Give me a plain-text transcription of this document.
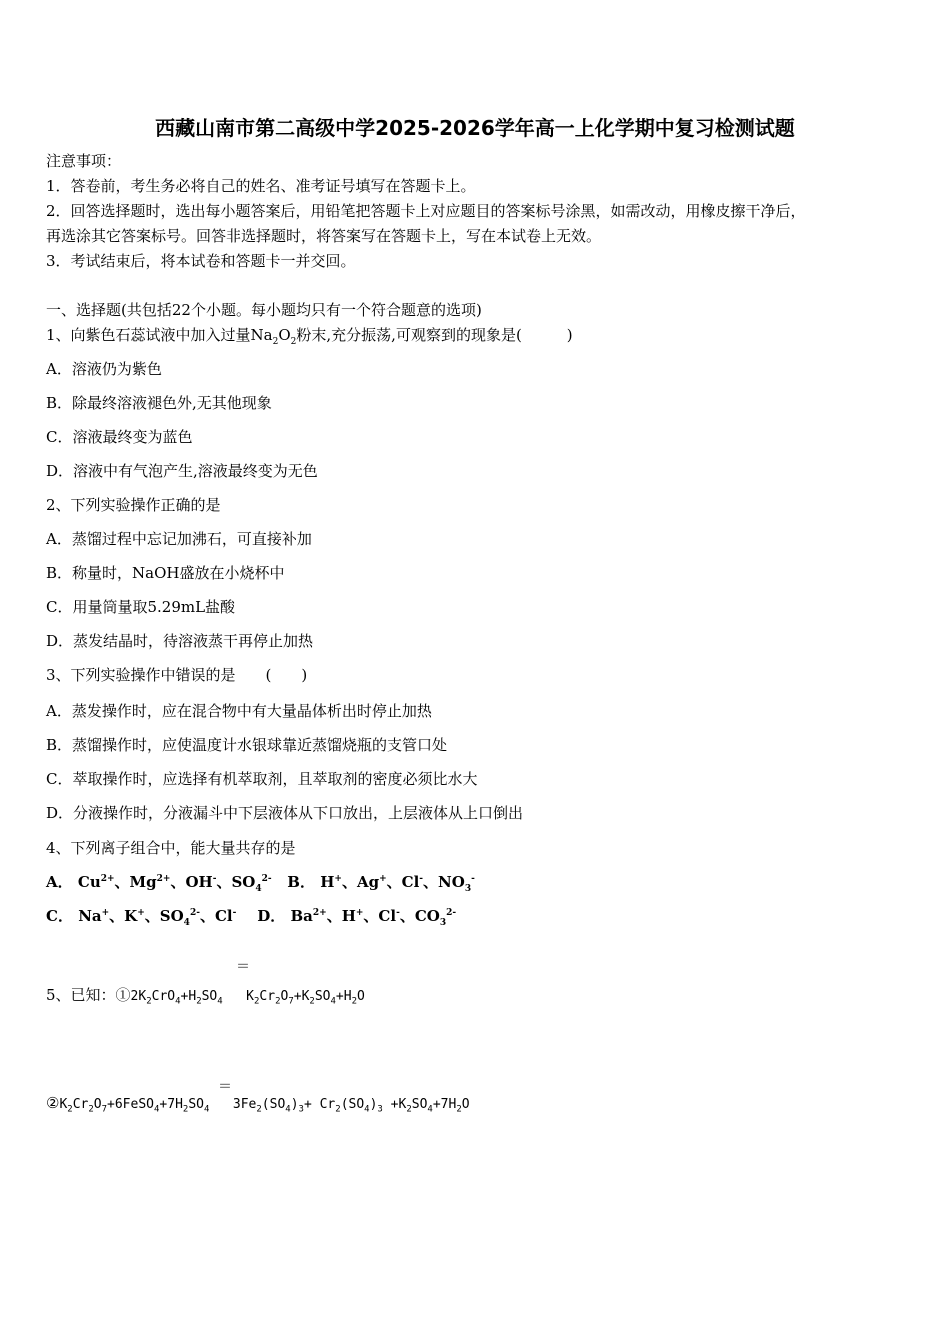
西藏山南市第二高级中学2025-2026学年高一上化学期中复习检测试题
注意事项：
1．答卷前，考生务必将自己的姓名、准考证号填写在答题卡上。
2．回答选择题时，选出每小题答案后，用铅笔把答题卡上对应题目的答案标号涂黑，如需改动，用橡皮擦干净后，
再选涂其它答案标号。回答非选择题时，将答案写在答题卡上，写在本试卷上无效。
3．考试结束后，将本试卷和答题卡一并交回。
一、选择题(共包括22个小题。每小题均只有一个符合题意的选项)
1、向紫色石蕊试液中加入过量$Na_2O_2$粉末,充分振荡,可观察到的现象是(　　　)
A．溶液仍为紫色
B．除最终溶液褪色外,无其他现象
C．溶液最终变为蓝色
D．溶液中有气泡产生,溶液最终变为无色
2、下列实验操作正确的是
A．蒸馏过程中忘记加沸石，可直接补加
B．称量时，NaOH盛放在小烧杯中
C．用量筒量取5.29mL盐酸
D．蒸发结晶时，待溶液蒸干再停止加热
3、下列实验操作中错误的是　　(　　)
A．蒸发操作时，应在混合物中有大量晶体析出时停止加热
B．蒸馏操作时，应使温度计水银球靠近蒸馏烧瓶的支管口处
C．萃取操作时，应选择有机萃取剂，且萃取剂的密度必须比水大
D．分液操作时，分液漏斗中下层液体从下口放出，上层液体从上口倒出
4、下列离子组合中，能大量共存的是
A． $Cu^{2+}$、$Mg^{2+}$、OH-、$SO_4^{2-}$ B． H+、Ag+、Cl-、$NO_3^-$
C． Na+、K+、$SO_4^{2-}$、Cl- D． $Ba^{2+}$、H+、Cl-、$CO_3^{2-}$
＝
5、已知：$①2K_2CrO_4+H_2SO_4$   $K_2Cr_2O_7+K_2SO_4+H_2O$
＝
$②K_2Cr_2O_7+6FeSO_4+7H_2SO_4$   $3Fe_2(SO_4)_3+ Cr_2(SO_4)_3 +K_2SO_4+7H_2O$
